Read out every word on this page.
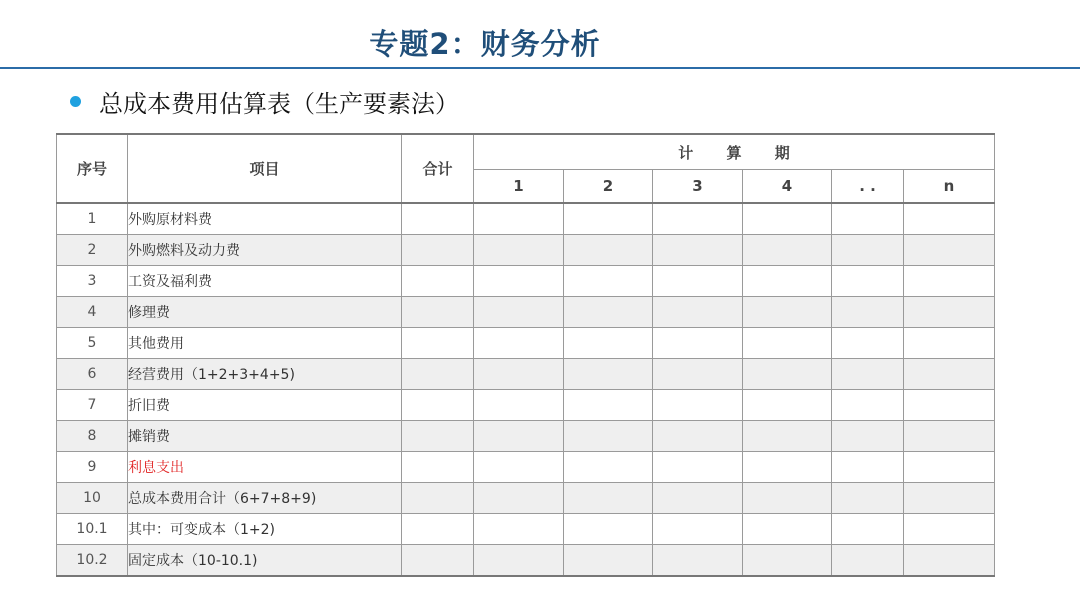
专题2：财务分析
总成本费用估算表（生产要素法）
序号	项目	合计	计 算 期					
			1	2	3	4	. .	n
1	外购原材料费							
2	外购燃料及动力费							
3	工资及福利费							
4	修理费							
5	其他费用							
6	经营费用（1+2+3+4+5)							
7	折旧费							
8	摊销费							
9	利息支出							
10	总成本费用合计（6+7+8+9)							
10.1	其中：可变成本（1+2)							
10.2	固定成本（10-10.1)							
